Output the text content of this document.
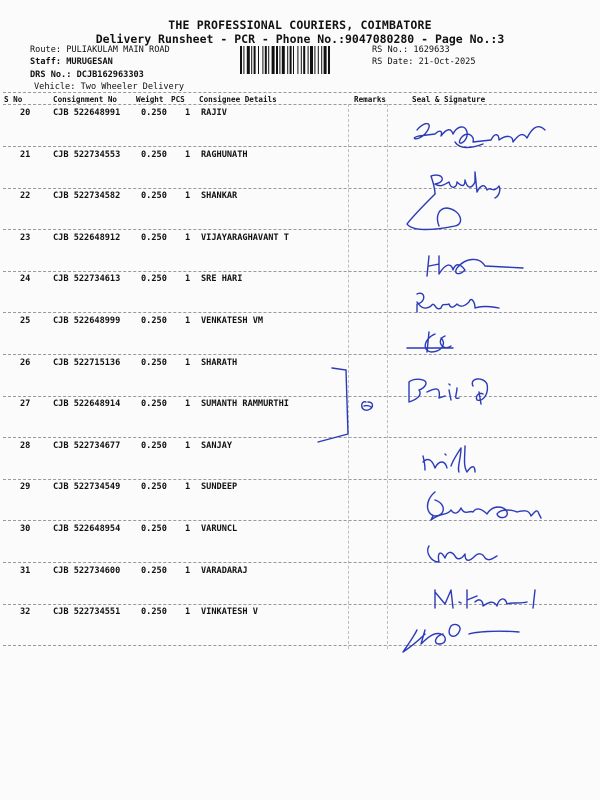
THE PROFESSIONAL COURIERS, COIMBATORE
Delivery Runsheet - PCR - Phone No.:9047080280 - Page No.:3
Route: PULIAKULAM MAIN ROAD
Staff: MURUGESAN
DRS No.: DCJB162963303
Vehicle: Two Wheeler Delivery
RS No.: 1629633
RS Date: 21-Oct-2025
S No	Consignment No Weight PCS Consignee Details	Remarks	Seal & Signature
20	CJB 522648991 0.250 1 RAJIV
21	CJB 522734553 0.250 1 RAGHUNATH
22	CJB 522734582 0.250 1 SHANKAR
23	CJB 522648912 0.250 1 VIJAYARAGHAVANT T
24	CJB 522734613 0.250 1 SRE HARI
25	CJB 522648999 0.250 1 VENKATESH VM
26	CJB 522715136 0.250 1 SHARATH
27	CJB 522648914 0.250 1 SUMANTH RAMMURTHI
28	CJB 522734677 0.250 1 SANJAY
29	CJB 522734549 0.250 1 SUNDEEP
30	CJB 522648954 0.250 1 VARUNCL
31	CJB 522734600 0.250 1 VARADARAJ
32	CJB 522734551 0.250 1 VINKATESH V
